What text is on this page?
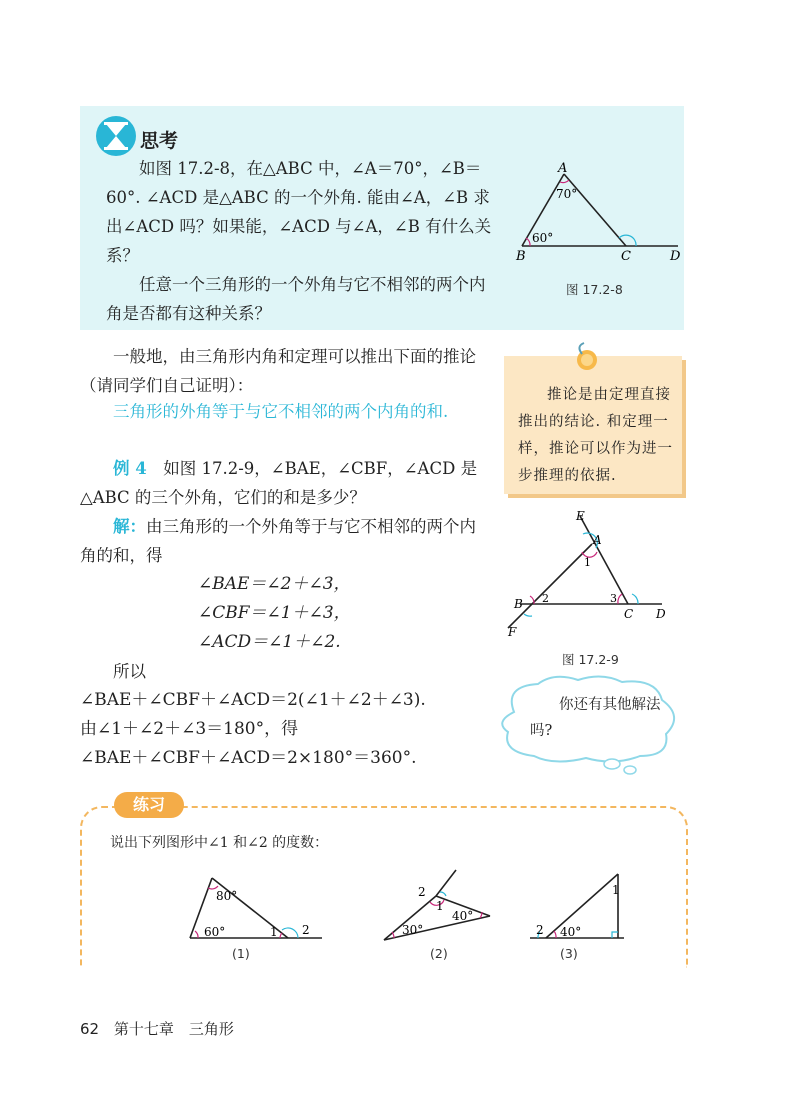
思考

如图 17.2-8，在△ABC 中，∠A＝70°，∠B＝60°. ∠ACD 是△ABC 的一个外角. 能由∠A，∠B 求出∠ACD 吗？如果能，∠ACD 与∠A，∠B 有什么关系？

任意一个三角形的一个外角与它不相邻的两个内角是否都有这种关系？

A
70°
60°
B	C	D
图 17.2-8

一般地，由三角形内角和定理可以推出下面的推论（请同学们自己证明）：

三角形的外角等于与它不相邻的两个内角的和.

推论是由定理直接推出的结论. 和定理一样，推论可以作为进一步推理的依据.

例 4　 如图 17.2-9，∠BAE，∠CBF，∠ACD 是△ABC 的三个外角，它们的和是多少？

解：由三角形的一个外角等于与它不相邻的两个内角的和，得

∠BAE＝∠2＋∠3，
∠CBF＝∠1＋∠3，
∠ACD＝∠1＋∠2.

所以

∠BAE＋∠CBF＋∠ACD＝2(∠1＋∠2＋∠3).
由∠1＋∠2＋∠3＝180°，得
∠BAE＋∠CBF＋∠ACD＝2×180°＝360°.
E
A
1
B 2	3
C D
F
图 17.2-9

你还有其他解法吗?

练习
说出下列图形中∠1 和∠2 的度数：
80°
60°	1 2
(1)
2
1
40°
30°
(2)
1
2 40°
(3)
62 第十七章　三角形
